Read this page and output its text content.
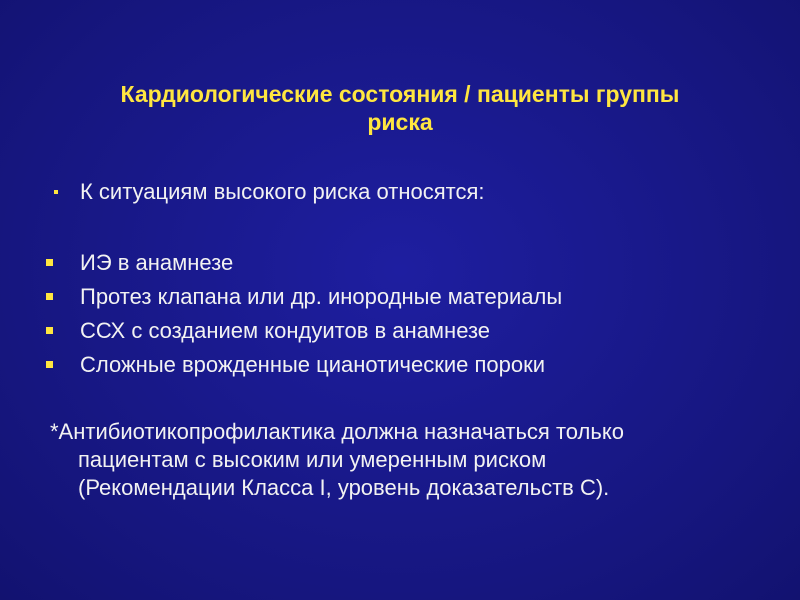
Кардиологические состояния / пациенты группы
риска
К ситуациям высокого риска относятся:
ИЭ в анамнезе
Протез клапана или др. инородные материалы
ССХ с созданием кондуитов в анамнезе
Сложные врожденные цианотические пороки
*Антибиотикопрофилактика должна назначаться только
пациентам с высоким или умеренным риском
(Рекомендации Класса I, уровень доказательств С).
